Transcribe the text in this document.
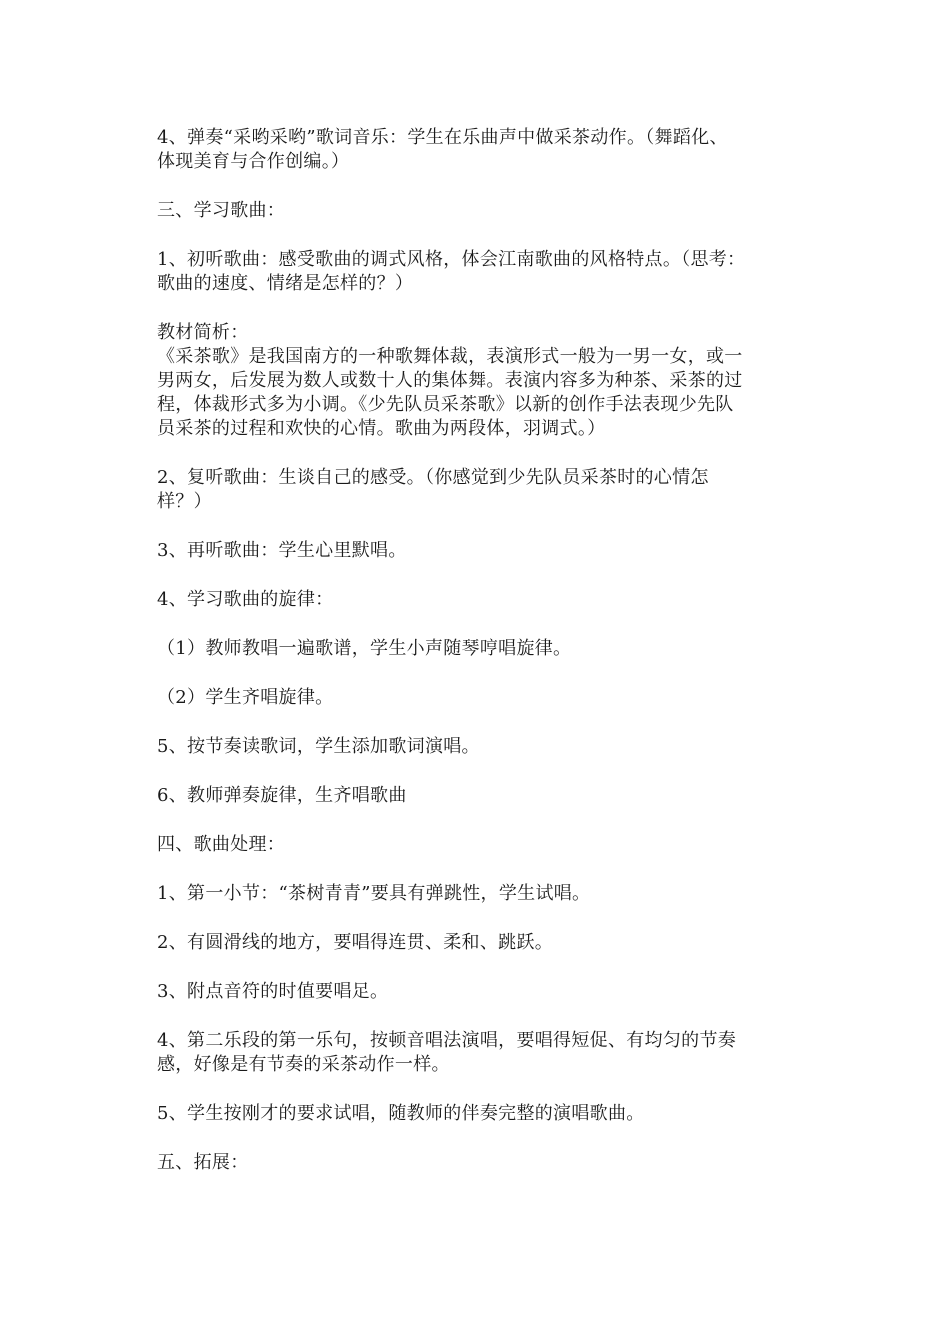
4、弹奏“采哟采哟”歌词音乐：学生在乐曲声中做采茶动作。（舞蹈化、
体现美育与合作创编。）

三、学习歌曲：

1、初听歌曲：感受歌曲的调式风格，体会江南歌曲的风格特点。（思考：
歌曲的速度、情绪是怎样的？）

教材简析：

《采茶歌》是我国南方的一种歌舞体裁，表演形式一般为一男一女，或一
男两女，后发展为数人或数十人的集体舞。表演内容多为种茶、采茶的过
程，体裁形式多为小调。《少先队员采茶歌》以新的创作手法表现少先队
员采茶的过程和欢快的心情。歌曲为两段体，羽调式。）

2、复听歌曲：生谈自己的感受。（你感觉到少先队员采茶时的心情怎
样？）

3、再听歌曲：学生心里默唱。

4、学习歌曲的旋律：

（1）教师教唱一遍歌谱，学生小声随琴哼唱旋律。

（2）学生齐唱旋律。

5、按节奏读歌词，学生添加歌词演唱。

6、教师弹奏旋律，生齐唱歌曲

四、歌曲处理：

1、第一小节：“茶树青青”要具有弹跳性，学生试唱。

2、有圆滑线的地方，要唱得连贯、柔和、跳跃。

3、附点音符的时值要唱足。

4、第二乐段的第一乐句，按顿音唱法演唱，要唱得短促、有均匀的节奏
感，好像是有节奏的采茶动作一样。

5、学生按刚才的要求试唱，随教师的伴奏完整的演唱歌曲。

五、拓展：
